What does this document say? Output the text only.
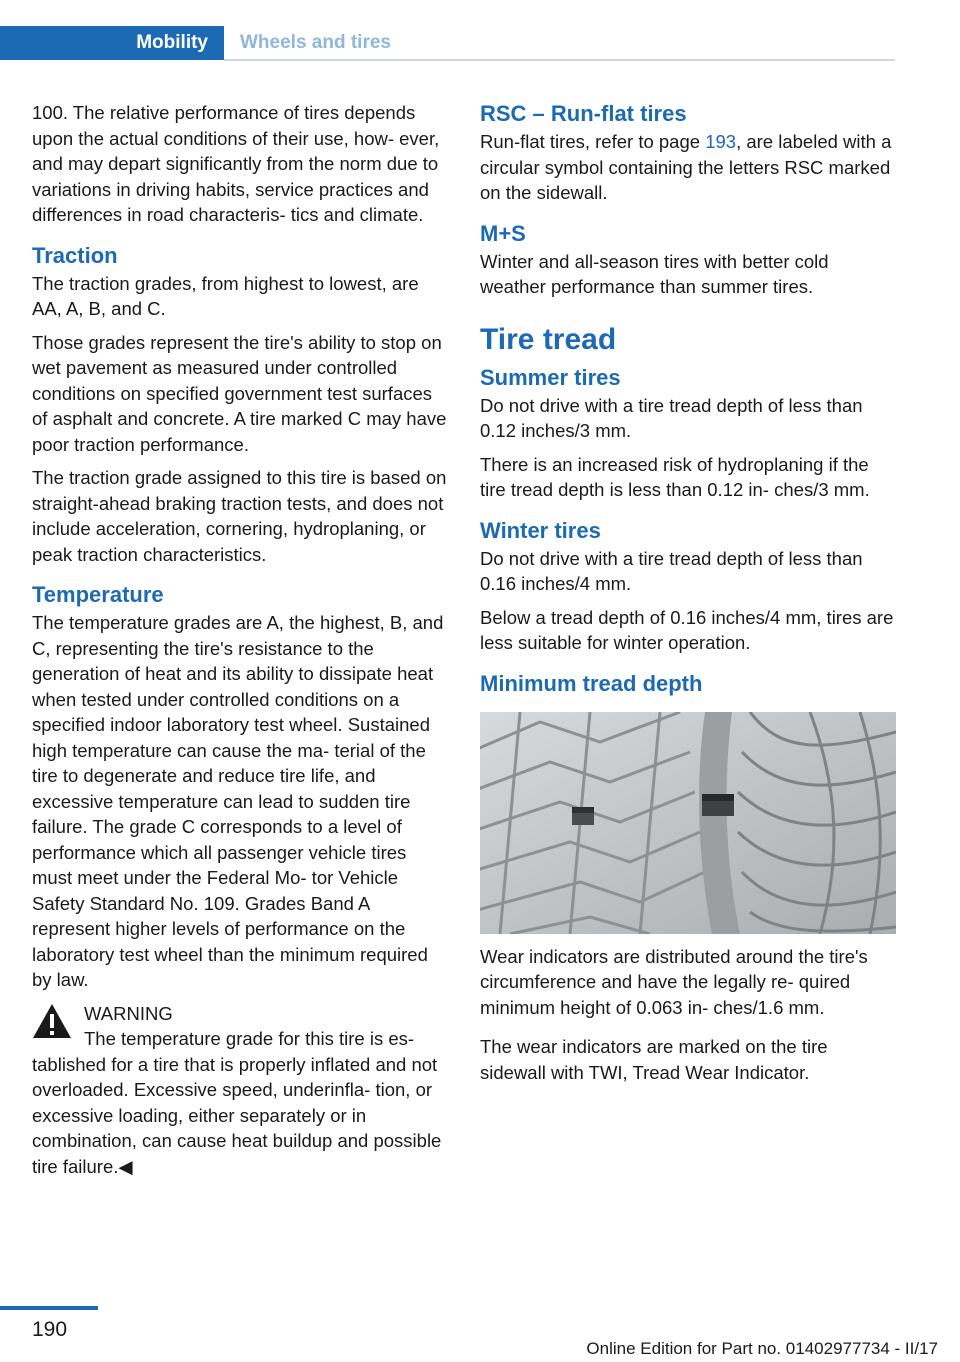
Mobility	Wheels and tires

100. The relative performance of tires depends upon the actual conditions of their use, how- ever, and may depart significantly from the norm due to variations in driving habits, service practices and differences in road characteris- tics and climate.

Traction

The traction grades, from highest to lowest, are AA, A, B, and C.

Those grades represent the tire's ability to stop on wet pavement as measured under controlled conditions on specified government test surfaces of asphalt and concrete. A tire marked C may have poor traction performance.

The traction grade assigned to this tire is based on straight-ahead braking traction tests, and does not include acceleration, cornering, hydroplaning, or peak traction characteristics.

Temperature

The temperature grades are A, the highest, B, and C, representing the tire's resistance to the generation of heat and its ability to dissipate heat when tested under controlled conditions on a specified indoor laboratory test wheel. Sustained high temperature can cause the ma- terial of the tire to degenerate and reduce tire life, and excessive temperature can lead to sudden tire failure. The grade C corresponds to a level of performance which all passenger vehicle tires must meet under the Federal Mo- tor Vehicle Safety Standard No. 109. Grades Band A represent higher levels of performance on the laboratory test wheel than the minimum required by law.

WARNING
The temperature grade for this tire is es- tablished for a tire that is properly inflated and not overloaded. Excessive speed, underinfla- tion, or excessive loading, either separately or in combination, can cause heat buildup and possible tire failure.◀
RSC – Run-flat tires

Run-flat tires, refer to page 193, are labeled with a circular symbol containing the letters RSC marked on the sidewall.

M+S

Winter and all-season tires with better cold weather performance than summer tires.

Tire tread
Summer tires

Do not drive with a tire tread depth of less than 0.12 inches/3 mm.

There is an increased risk of hydroplaning if the tire tread depth is less than 0.12 in- ches/3 mm.

Winter tires

Do not drive with a tire tread depth of less than 0.16 inches/4 mm.

Below a tread depth of 0.16 inches/4 mm, tires are less suitable for winter operation.

Minimum tread depth

Wear indicators are distributed around the tire's circumference and have the legally re- quired minimum height of 0.063 in- ches/1.6 mm.

The wear indicators are marked on the tire sidewall with TWI, Tread Wear Indicator.

190
Online Edition for Part no. 01402977734 - II/17
